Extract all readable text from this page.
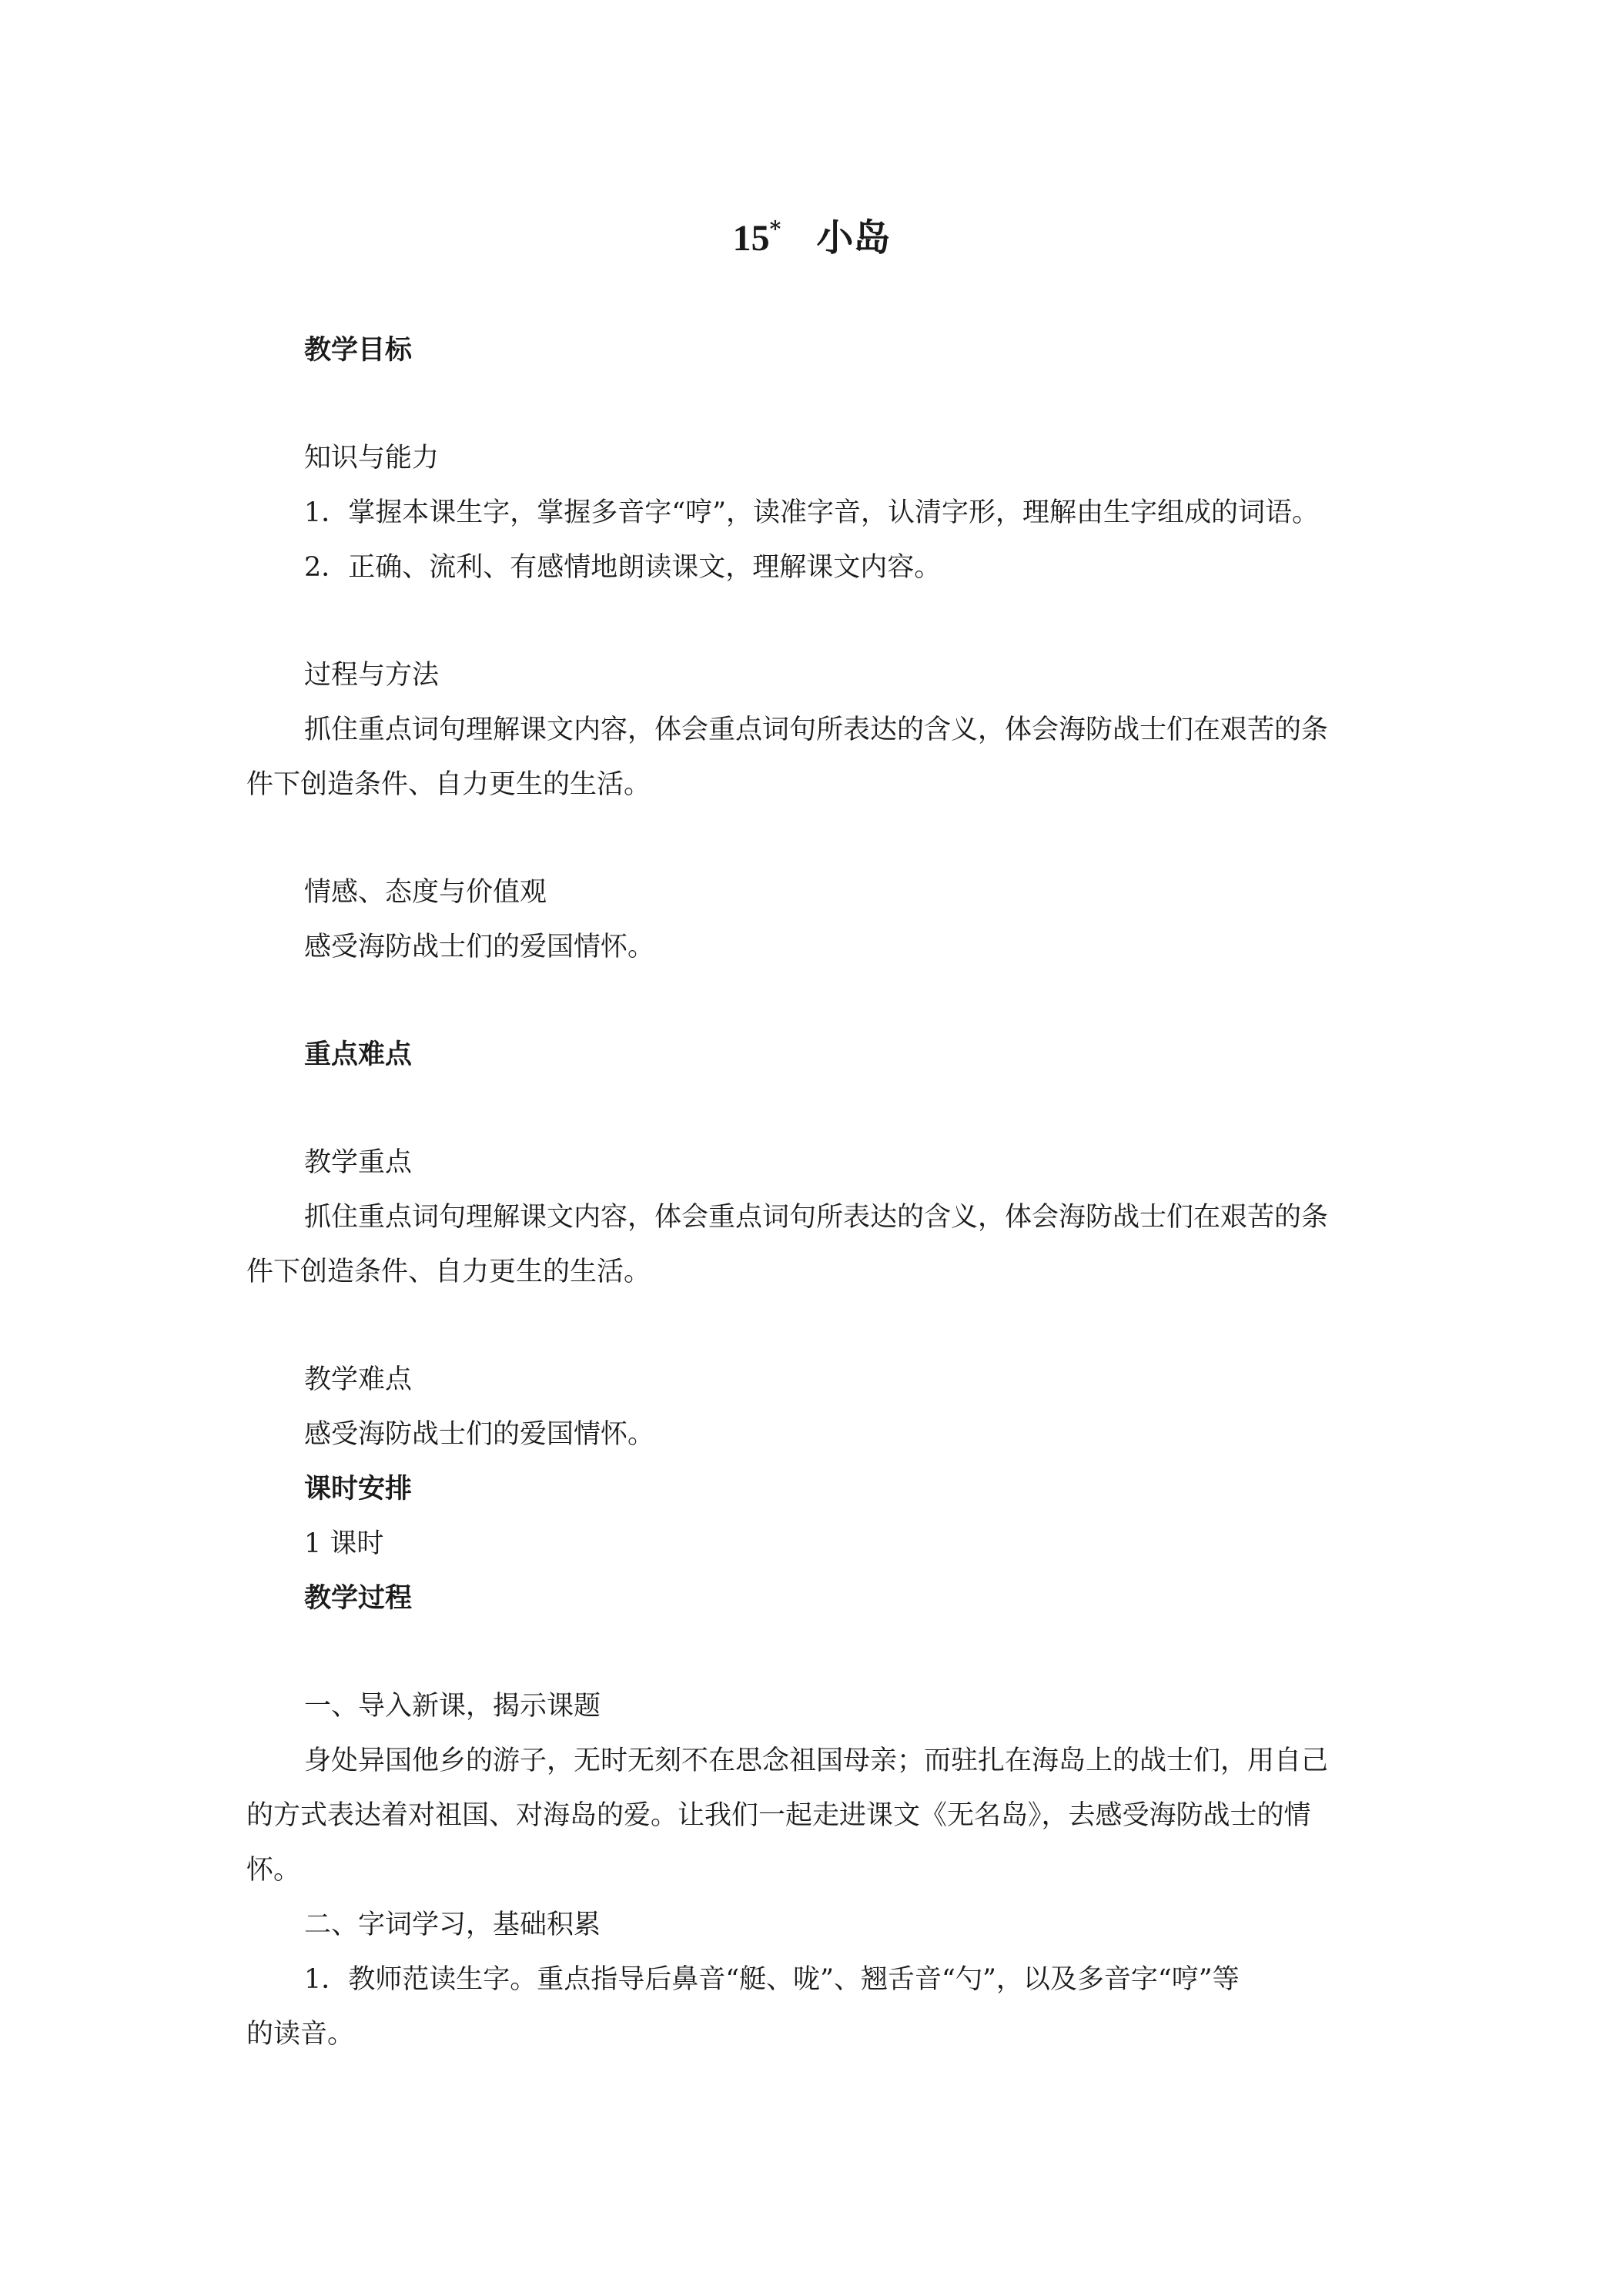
15* 小岛
教学目标
知识与能力
1．掌握本课生字，掌握多音字“哼”，读准字音，认清字形，理解由生字组成的词语。
2．正确、流利、有感情地朗读课文，理解课文内容。
过程与方法
抓住重点词句理解课文内容，体会重点词句所表达的含义，体会海防战士们在艰苦的条
件下创造条件、自力更生的生活。
情感、态度与价值观
感受海防战士们的爱国情怀。
重点难点
教学重点
抓住重点词句理解课文内容，体会重点词句所表达的含义，体会海防战士们在艰苦的条
件下创造条件、自力更生的生活。
教学难点
感受海防战士们的爱国情怀。
课时安排
1 课时
教学过程
一、导入新课，揭示课题
身处异国他乡的游子，无时无刻不在思念祖国母亲；而驻扎在海岛上的战士们，用自己
的方式表达着对祖国、对海岛的爱。让我们一起走进课文《无名岛》，去感受海防战士的情
怀。
二、字词学习，基础积累
1．教师范读生字。重点指导后鼻音“艇、咙”、翘舌音“勺”，以及多音字“哼”等
的读音。
